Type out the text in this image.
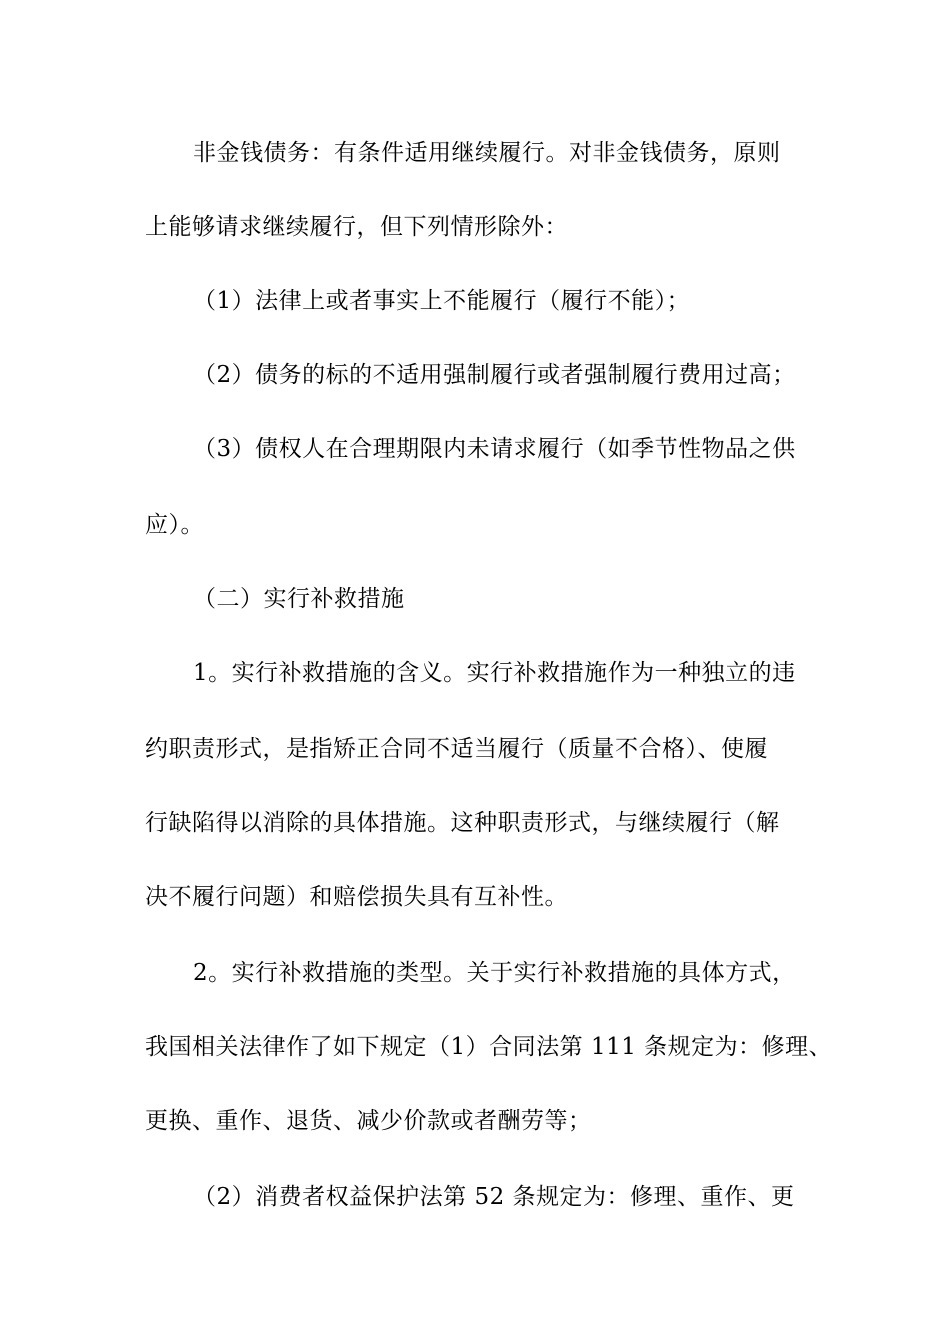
非金钱债务：有条件适用继续履行。对非金钱债务，原则
上能够请求继续履行，但下列情形除外：
（1）法律上或者事实上不能履行（履行不能）；
（2）债务的标的不适用强制履行或者强制履行费用过高；
（3）债权人在合理期限内未请求履行（如季节性物品之供
应）。
（二）实行补救措施
1。实行补救措施的含义。实行补救措施作为一种独立的违
约职责形式，是指矫正合同不适当履行（质量不合格）、使履
行缺陷得以消除的具体措施。这种职责形式，与继续履行（解
决不履行问题）和赔偿损失具有互补性。
2。实行补救措施的类型。关于实行补救措施的具体方式，
我国相关法律作了如下规定（1）合同法第 111 条规定为：修理、
更换、重作、退货、减少价款或者酬劳等；
（2）消费者权益保护法第 52 条规定为：修理、重作、更
